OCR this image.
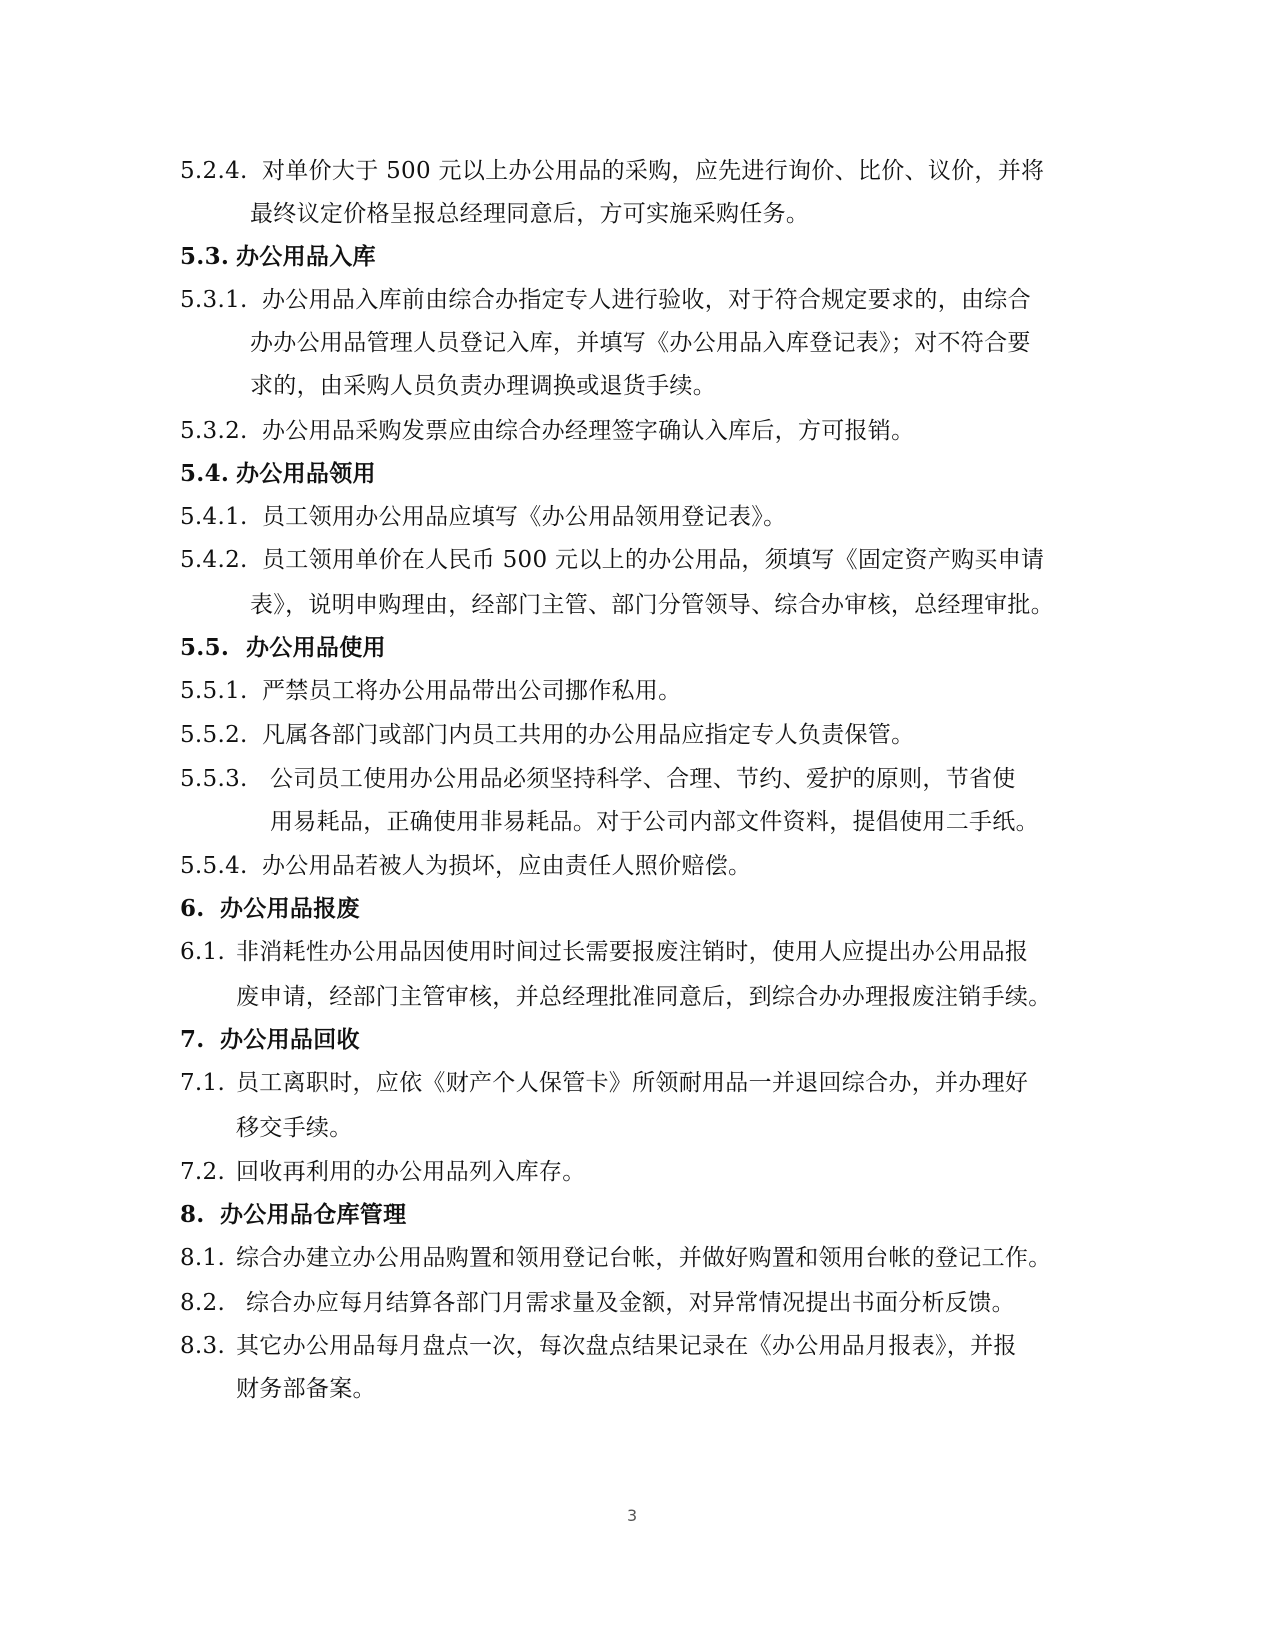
5.2.4. 对单价大于 500 元以上办公用品的采购，应先进行询价、比价、议价，并将
最终议定价格呈报总经理同意后，方可实施采购任务。
5.3. 办公用品入库
5.3.1. 办公用品入库前由综合办指定专人进行验收，对于符合规定要求的，由综合
办办公用品管理人员登记入库，并填写《办公用品入库登记表》；对不符合要
求的，由采购人员负责办理调换或退货手续。
5.3.2. 办公用品采购发票应由综合办经理签字确认入库后，方可报销。
5.4. 办公用品领用
5.4.1. 员工领用办公用品应填写《办公用品领用登记表》。
5.4.2. 员工领用单价在人民币 500 元以上的办公用品，须填写《固定资产购买申请
表》，说明申购理由，经部门主管、部门分管领导、综合办审核，总经理审批。
5.5. 办公用品使用
5.5.1. 严禁员工将办公用品带出公司挪作私用。
5.5.2. 凡属各部门或部门内员工共用的办公用品应指定专人负责保管。
5.5.3. 公司员工使用办公用品必须坚持科学、合理、节约、爱护的原则，节省使
用易耗品，正确使用非易耗品。对于公司内部文件资料，提倡使用二手纸。
5.5.4. 办公用品若被人为损坏，应由责任人照价赔偿。
6. 办公用品报废
6.1. 非消耗性办公用品因使用时间过长需要报废注销时，使用人应提出办公用品报
废申请，经部门主管审核，并总经理批准同意后，到综合办办理报废注销手续。
7. 办公用品回收
7.1. 员工离职时，应依《财产个人保管卡》所领耐用品一并退回综合办，并办理好
移交手续。
7.2. 回收再利用的办公用品列入库存。
8. 办公用品仓库管理
8.1. 综合办建立办公用品购置和领用登记台帐，并做好购置和领用台帐的登记工作。
8.2. 综合办应每月结算各部门月需求量及金额，对异常情况提出书面分析反馈。
8.3. 其它办公用品每月盘点一次，每次盘点结果记录在《办公用品月报表》，并报
财务部备案。
3
